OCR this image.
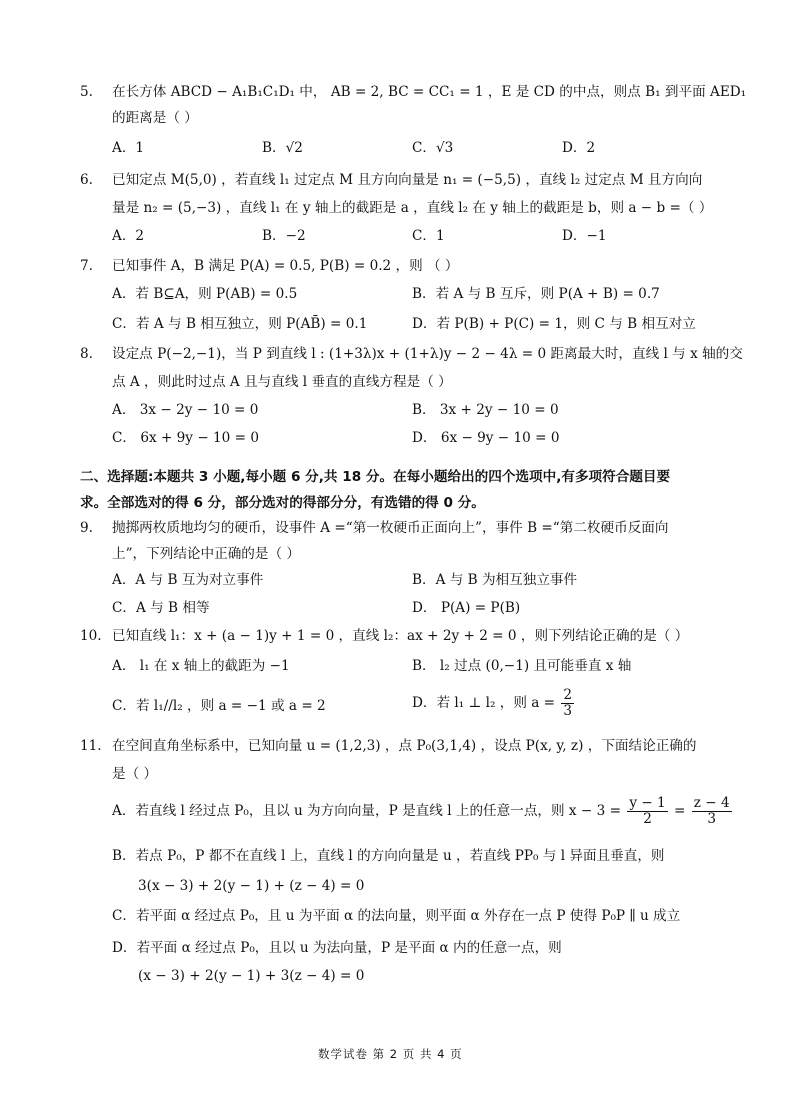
5. 在长方体 ABCD − A₁B₁C₁D₁ 中， AB = 2, BC = CC₁ = 1 ，E 是 CD 的中点，则点 B₁ 到平面 AED₁
的距离是（ ）
A．1	B．√2	C．√3	D．2
6. 已知定点 M(5,0) ，若直线 l₁ 过定点 M 且方向向量是 n₁ = (−5,5) ，直线 l₂ 过定点 M 且方向向
量是 n₂ = (5,−3) ，直线 l₁ 在 y 轴上的截距是 a ，直线 l₂ 在 y 轴上的截距是 b，则 a − b =（ ）
A．2	B．−2	C．1	D．−1
7. 已知事件 A，B 满足 P(A) = 0.5, P(B) = 0.2 ，则 （ ）
A．若 B⊆A，则 P(AB) = 0.5	B．若 A 与 B 互斥，则 P(A + B) = 0.7
C．若 A 与 B 相互独立，则 P(AB̄) = 0.1	D．若 P(B) + P(C) = 1，则 C 与 B 相互对立
8. 设定点 P(−2,−1)，当 P 到直线 l : (1+3λ)x + (1+λ)y − 2 − 4λ = 0 距离最大时，直线 l 与 x 轴的交
点 A ，则此时过点 A 且与直线 l 垂直的直线方程是（ ）
A． 3x − 2y − 10 = 0	B． 3x + 2y − 10 = 0
C． 6x + 9y − 10 = 0	D． 6x − 9y − 10 = 0
二、选择题:本题共 3 小题,每小题 6 分,共 18 分。在每小题给出的四个选项中,有多项符合题目要
求。全部选对的得 6 分，部分选对的得部分分，有选错的得 0 分。
9. 抛掷两枚质地均匀的硬币，设事件 A =“第一枚硬币正面向上”，事件 B =“第二枚硬币反面向
上”，下列结论中正确的是（ ）
A．A 与 B 互为对立事件	B．A 与 B 为相互独立事件
C．A 与 B 相等	D． P(A) = P(B)
10. 已知直线 l₁：x + (a − 1)y + 1 = 0 ，直线 l₂：ax + 2y + 2 = 0 ，则下列结论正确的是（ ）
A． l₁ 在 x 轴上的截距为 −1	B． l₂ 过点 (0,−1) 且可能垂直 x 轴
C．若 l₁//l₂ ，则 a = −1 或 a = 2	D．若 l₁ ⊥ l₂ ，则 $a = \frac{2}{3}$
11. 在空间直角坐标系中，已知向量 u = (1,2,3) ，点 P₀(3,1,4) ，设点 P(x, y, z) ，下面结论正确的
是（ ）
A．若直线 l 经过点 P₀，且以 u 为方向向量，P 是直线 l 上的任意一点，则 $x - 3 = \frac{y - 1}{2} = \frac{z - 4}{3}$
B．若点 P₀，P 都不在直线 l 上，直线 l 的方向向量是 u ，若直线 PP₀ 与 l 异面且垂直，则
3(x − 3) + 2(y − 1) + (z − 4) = 0
C．若平面 α 经过点 P₀，且 u 为平面 α 的法向量，则平面 α 外存在一点 P 使得 P₀P ∥ u 成立
D．若平面 α 经过点 P₀，且以 u 为法向量，P 是平面 α 内的任意一点，则
(x − 3) + 2(y − 1) + 3(z − 4) = 0
数学试卷 第 2 页 共 4 页
